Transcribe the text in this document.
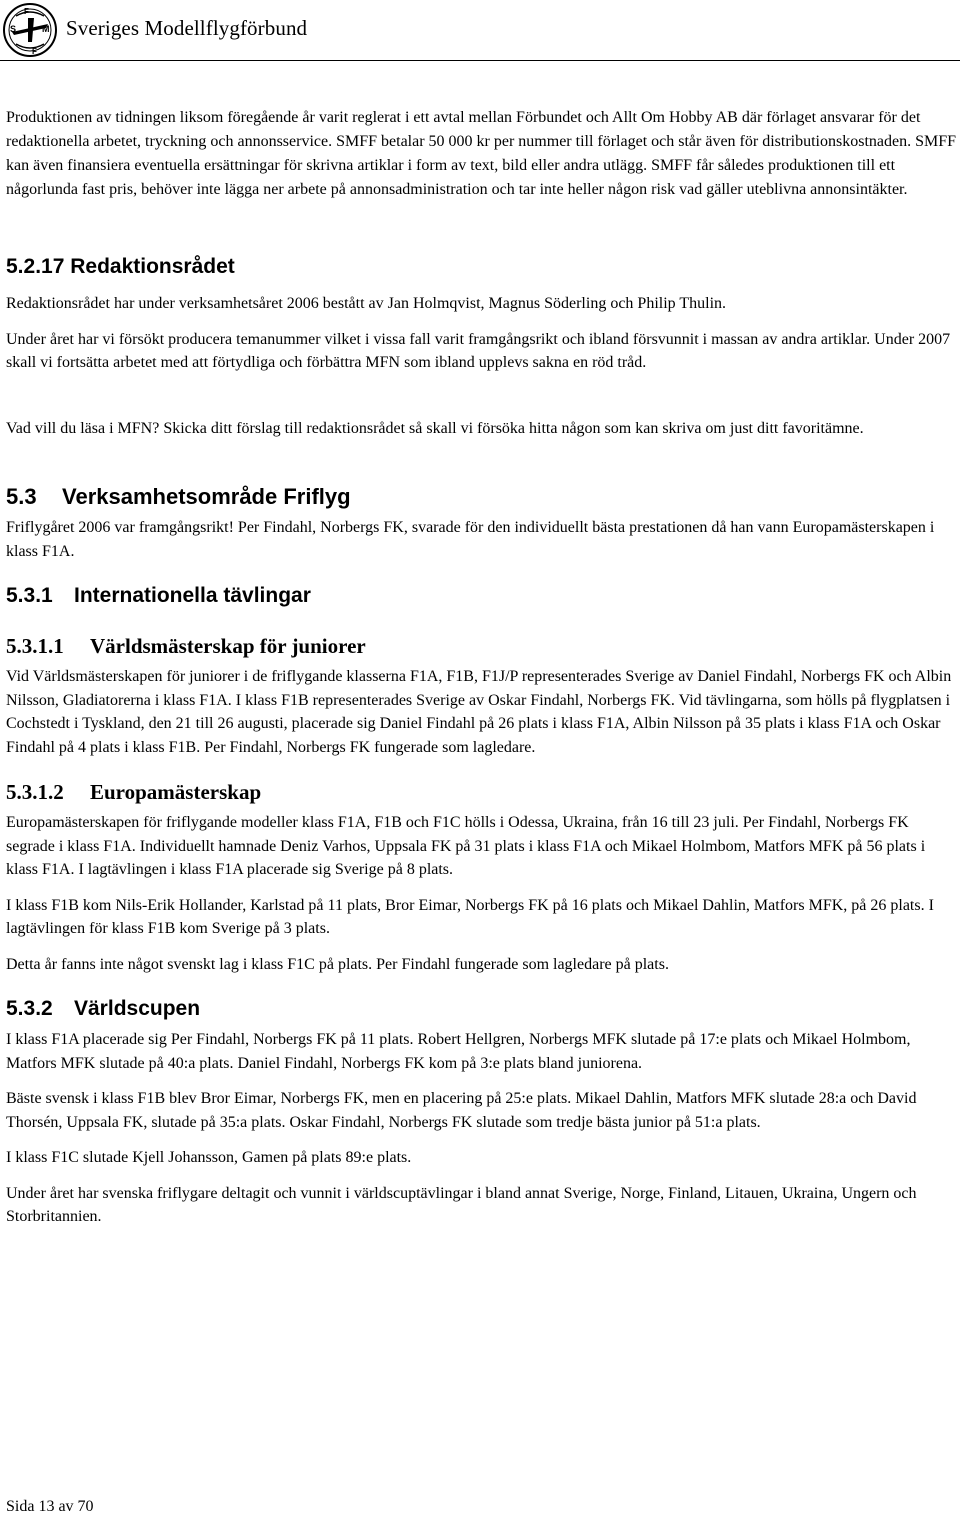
S	M
F
F
Sveriges Modellflygförbund

Produktionen av tidningen liksom föregående år varit reglerat i ett avtal mellan Förbundet och Allt Om Hobby AB där förlaget ansvarar för det redaktionella arbetet, tryckning och annonsservice. SMFF betalar 50 000 kr per nummer till förlaget och står även för distributionskostnaden. SMFF kan även finansiera eventuella ersättningar för skrivna artiklar i form av text, bild eller andra utlägg. SMFF får således produktionen till ett någorlunda fast pris, behöver inte lägga ner arbete på annonsadministration och tar inte heller någon risk vad gäller uteblivna annonsintäkter.

5.2.17 Redaktionsrådet

Redaktionsrådet har under verksamhetsåret 2006 bestått av Jan Holmqvist, Magnus Söderling och Philip Thulin.

Under året har vi försökt producera temanummer vilket i vissa fall varit framgångsrikt och ibland försvunnit i massan av andra artiklar. Under 2007 skall vi fortsätta arbetet med att förtydliga och förbättra MFN som ibland upplevs sakna en röd tråd.

Vad vill du läsa i MFN? Skicka ditt förslag till redaktionsrådet så skall vi försöka hitta någon som kan skriva om just ditt favoritämne.

5.3 Verksamhetsområde Friflyg

Friflygåret 2006 var framgångsrikt! Per Findahl, Norbergs FK, svarade för den individuellt bästa prestationen då han vann Europamästerskapen i klass F1A.

5.3.1 Internationella tävlingar
5.3.1.1 Världsmästerskap för juniorer

Vid Världsmästerskapen för juniorer i de friflygande klasserna F1A, F1B, F1J/P representerades Sverige av Daniel Findahl, Norbergs FK och Albin Nilsson, Gladiatorerna i klass F1A. I klass F1B representerades Sverige av Oskar Findahl, Norbergs FK. Vid tävlingarna, som hölls på flygplatsen i Cochstedt i Tyskland, den 21 till 26 augusti, placerade sig Daniel Findahl på 26 plats i klass F1A, Albin Nilsson på 35 plats i klass F1A och Oskar Findahl på 4 plats i klass F1B. Per Findahl, Norbergs FK fungerade som lagledare.

5.3.1.2 Europamästerskap

Europamästerskapen för friflygande modeller klass F1A, F1B och F1C hölls i Odessa, Ukraina, från 16 till 23 juli. Per Findahl, Norbergs FK segrade i klass F1A. Individuellt hamnade Deniz Varhos, Uppsala FK på 31 plats i klass F1A och Mikael Holmbom, Matfors MFK på 56 plats i klass F1A. I lagtävlingen i klass F1A placerade sig Sverige på 8 plats.

I klass F1B kom Nils-Erik Hollander, Karlstad på 11 plats, Bror Eimar, Norbergs FK på 16 plats och Mikael Dahlin, Matfors MFK, på 26 plats. I lagtävlingen för klass F1B kom Sverige på 3 plats.

Detta år fanns inte något svenskt lag i klass F1C på plats. Per Findahl fungerade som lagledare på plats.

5.3.2 Världscupen

I klass F1A placerade sig Per Findahl, Norbergs FK på 11 plats. Robert Hellgren, Norbergs MFK slutade på 17:e plats och Mikael Holmbom, Matfors MFK slutade på 40:a plats. Daniel Findahl, Norbergs FK kom på 3:e plats bland juniorena.

Bäste svensk i klass F1B blev Bror Eimar, Norbergs FK, men en placering på 25:e plats. Mikael Dahlin, Matfors MFK slutade 28:a och David Thorsén, Uppsala FK, slutade på 35:a plats. Oskar Findahl, Norbergs FK slutade som tredje bästa junior på 51:a plats.

I klass F1C slutade Kjell Johansson, Gamen på plats 89:e plats.

Under året har svenska friflygare deltagit och vunnit i världscuptävlingar i bland annat Sverige, Norge, Finland, Litauen, Ukraina, Ungern och Storbritannien.

Sida 13 av 70
